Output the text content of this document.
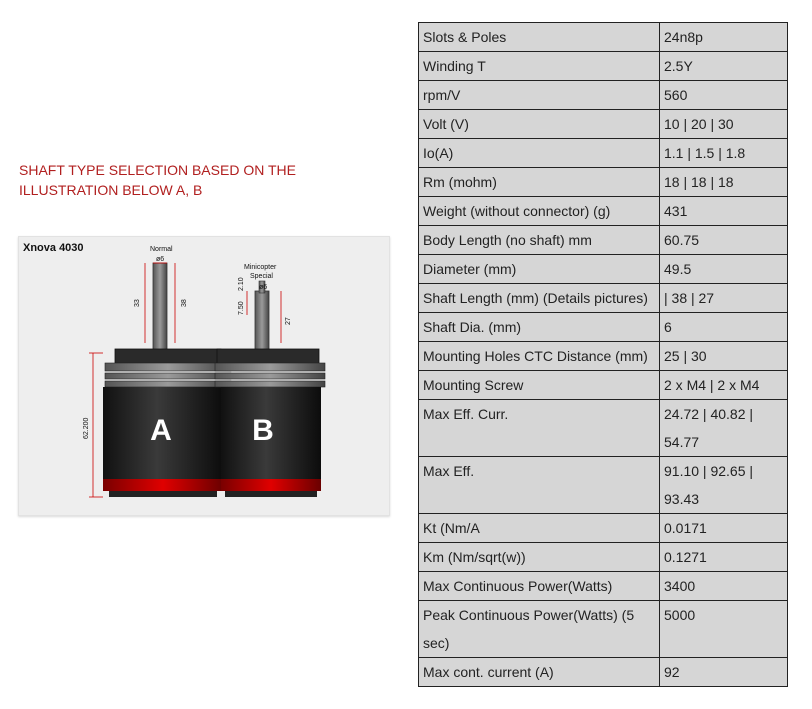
SHAFT TYPE SELECTION BASED ON THE ILLUSTRATION BELOW A, B
Xnova 4030	Normal
ø6
33	38
A
62.200
Minicopter
Special
ø6
2.10
7.50
27
B
Slots & Poles	24n8p
Winding T	2.5Y
rpm/V	560
Volt (V)	10 | 20 | 30
Io(A)	1.1 | 1.5 | 1.8
Rm (mohm)	18 | 18 | 18
Weight (without connector) (g)	431
Body Length (no shaft) mm	60.75
Diameter (mm)	49.5
Shaft Length (mm) (Details pictures)	| 38 | 27
Shaft Dia. (mm)	6
Mounting Holes CTC Distance (mm)	25 | 30
Mounting Screw	2 x M4 | 2 x M4
Max Eff. Curr.	24.72 | 40.82 | 54.77
Max Eff.	91.10 | 92.65 | 93.43
Kt (Nm/A	0.0171
Km (Nm/sqrt(w))	0.1271
Max Continuous Power(Watts)	3400
Peak Continuous Power(Watts) (5 sec)	5000
Max cont. current (A)	92
